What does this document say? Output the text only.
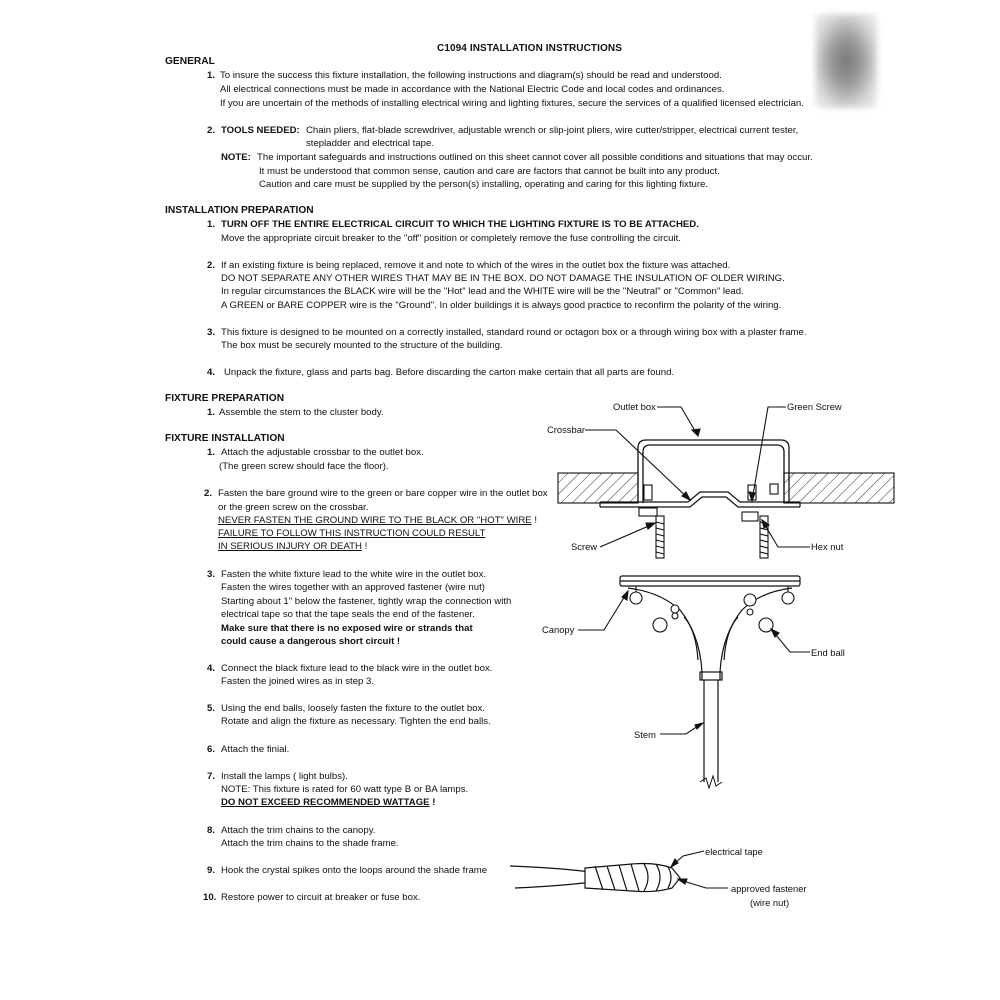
C1094 INSTALLATION INSTRUCTIONS
GENERAL
1. To insure the success this fixture installation, the following instructions and diagram(s) should be read and understood.
All electrical connections must be made in accordance with the National Electric Code and local codes and ordinances.
If you are uncertain of the methods of installing electrical wiring and lighting fixtures, secure the services of a qualified licensed electrician.
2. TOOLS NEEDED: Chain pliers, flat-blade screwdriver, adjustable wrench or slip-joint pliers, wire cutter/stripper, electrical current tester,
stepladder and electrical tape.
NOTE: The important safeguards and instructions outlined on this sheet cannot cover all possible conditions and situations that may occur.
It must be understood that common sense, caution and care are factors that cannot be built into any product.
Caution and care must be supplied by the person(s) installing, operating and caring for this lighting fixture.
INSTALLATION PREPARATION
1. TURN OFF THE ENTIRE ELECTRICAL CIRCUIT TO WHICH THE LIGHTING FIXTURE IS TO BE ATTACHED.
Move the appropriate circuit breaker to the "off" position or completely remove the fuse controlling the circuit.
2. If an existing fixture is being replaced, remove it and note to which of the wires in the outlet box the fixture was attached.
DO NOT SEPARATE ANY OTHER WIRES THAT MAY BE IN THE BOX. DO NOT DAMAGE THE INSULATION OF OLDER WIRING.
In regular circumstances the BLACK wire will be the "Hot" lead and the WHITE wire will be the "Neutral" or "Common" lead.
A GREEN or BARE COPPER wire is the "Ground". In older buildings it is always good practice to reconfirm the polarity of the wiring.
3. This fixture is designed to be mounted on a correctly installed, standard round or octagon box or a through wiring box with a plaster frame.
The box must be securely mounted to the structure of the building.
4. Unpack the fixture, glass and parts bag. Before discarding the carton make certain that all parts are found.
FIXTURE PREPARATION
1. Assemble the stem to the cluster body.
FIXTURE INSTALLATION
1. Attach the adjustable crossbar to the outlet box.
(The green screw should face the floor).
2. Fasten the bare ground wire to the green or bare copper wire in the outlet box
or the green screw on the crossbar.
NEVER FASTEN THE GROUND WIRE TO THE BLACK OR "HOT" WIRE !
FAILURE TO FOLLOW THIS INSTRUCTION COULD RESULT
IN SERIOUS INJURY OR DEATH !
3. Fasten the white fixture lead to the white wire in the outlet box.
Fasten the wires together with an approved fastener (wire nut)
Starting about 1" below the fastener, tightly wrap the connection with
electrical tape so that the tape seals the end of the fastener.
Make sure that there is no exposed wire or strands that
could cause a dangerous short circuit !
4. Connect the black fixture lead to the black wire in the outlet box.
Fasten the joined wires as in step 3.
5. Using the end balls, loosely fasten the fixture to the outlet box.
Rotate and align the fixture as necessary. Tighten the end balls.
6. Attach the finial.
7. Install the lamps ( light bulbs).
NOTE: This fixture is rated for 60 watt type B or BA lamps.
DO NOT EXCEED RECOMMENDED WATTAGE !
8. Attach the trim chains to the canopy.
Attach the trim chains to the shade frame.
9. Hook the crystal spikes onto the loops around the shade frame
10. Restore power to circuit at breaker or fuse box.
Outlet box	Green Screw
Crossbar
Screw	Hex nut
Canopy
End ball
Stem
electrical tape
approved fastener
(wire nut)
